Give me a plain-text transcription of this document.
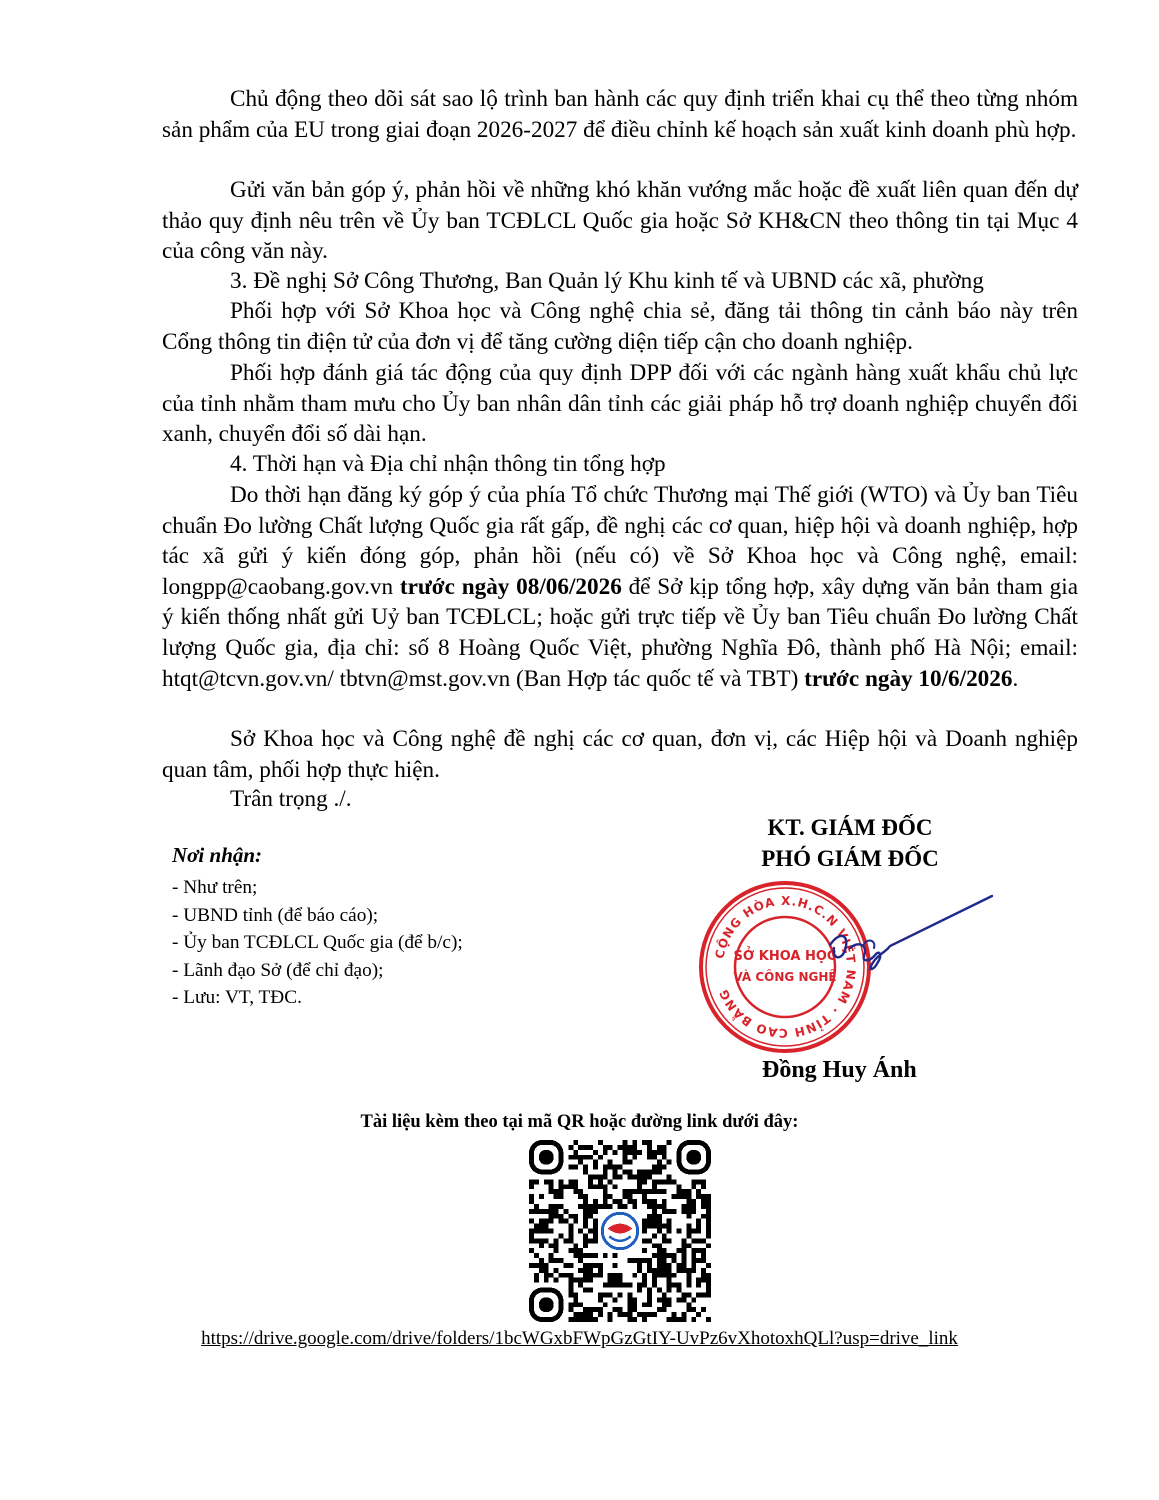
Chủ động theo dõi sát sao lộ trình ban hành các quy định triển khai cụ thể theo từng nhóm sản phẩm của EU trong giai đoạn 2026-2027 để điều chỉnh kế hoạch sản xuất kinh doanh phù hợp.

Gửi văn bản góp ý, phản hồi về những khó khăn vướng mắc hoặc đề xuất liên quan đến dự thảo quy định nêu trên về Ủy ban TCĐLCL Quốc gia hoặc Sở KH&CN theo thông tin tại Mục 4 của công văn này.

3. Đề nghị Sở Công Thương, Ban Quản lý Khu kinh tế và UBND các xã, phường

Phối hợp với Sở Khoa học và Công nghệ chia sẻ, đăng tải thông tin cảnh báo này trên Cổng thông tin điện tử của đơn vị để tăng cường diện tiếp cận cho doanh nghiệp.

Phối hợp đánh giá tác động của quy định DPP đối với các ngành hàng xuất khẩu chủ lực của tỉnh nhằm tham mưu cho Ủy ban nhân dân tỉnh các giải pháp hỗ trợ doanh nghiệp chuyển đổi xanh, chuyển đổi số dài hạn.

4. Thời hạn và Địa chỉ nhận thông tin tổng hợp

Do thời hạn đăng ký góp ý của phía Tổ chức Thương mại Thế giới (WTO) và Ủy ban Tiêu chuẩn Đo lường Chất lượng Quốc gia rất gấp, đề nghị các cơ quan, hiệp hội và doanh nghiệp, hợp tác xã gửi ý kiến đóng góp, phản hồi (nếu có) về Sở Khoa học và Công nghệ, email: longpp@caobang.gov.vn trước ngày 08/06/2026 để Sở kịp tổng hợp, xây dựng văn bản tham gia ý kiến thống nhất gửi Uỷ ban TCĐLCL; hoặc gửi trực tiếp về Ủy ban Tiêu chuẩn Đo lường Chất lượng Quốc gia, địa chỉ: số 8 Hoàng Quốc Việt, phường Nghĩa Đô, thành phố Hà Nội; email: htqt@tcvn.gov.vn/ tbtvn@mst.gov.vn (Ban Hợp tác quốc tế và TBT) trước ngày 10/6/2026.

Sở Khoa học và Công nghệ đề nghị các cơ quan, đơn vị, các Hiệp hội và Doanh nghiệp quan tâm, phối hợp thực hiện.

Trân trọng ./.

KT. GIÁM ĐỐC
PHÓ GIÁM ĐỐC
Nơi nhận:
- Như trên;
- UBND tỉnh (để báo cáo);
- Ủy ban TCĐLCL Quốc gia (để b/c);
- Lãnh đạo Sở (để chỉ đạo);
- Lưu: VT, TĐC.
CỘNG HÒA X.H.C.N VIỆT NAM · TỈNH CAO BẰNG
SỞ KHOA HỌC
VÀ CÔNG NGHỆ
Đồng Huy Ánh
Tài liệu kèm theo tại mã QR hoặc đường link dưới đây:
https://drive.google.com/drive/folders/1bcWGxbFWpGzGtIY-UvPz6vXhotoxhQLl?usp=drive_link
